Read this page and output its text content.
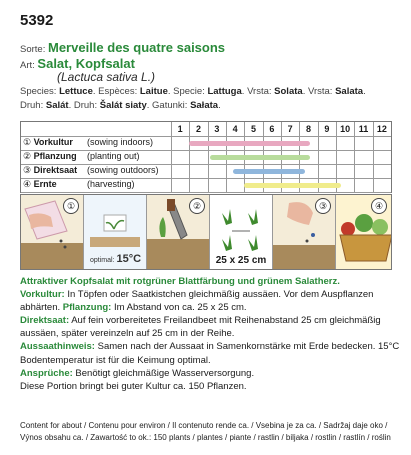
5392
Sorte: Merveille des quatre saisons
Art: Salat, Kopfsalat
(Lactuca sativa L.)
Species: Lettuce. Espèces: Laitue. Specie: Lattuga. Vrsta: Solata. Vrsta: Salata.
Druh: Salát. Druh: Šalát siaty. Gatunki: Sałata.
1	2	3	4	5	6	7	8	9	10 11 12
① Vorkultur (sowing indoors)
② Pflanzung (planting out)
③ Direktsaat (sowing outdoors)
④ Ernte	(harvesting)
①
optimal: 15°C
②
25 x 25 cm
③	④

Attraktiver Kopfsalat mit rotgrüner Blattfärbung und grünem Salatherz.

Vorkultur: In Töpfen oder Saatkistchen gleichmäßig aussäen. Vor dem Auspflanzen abhärten. Pflanzung: Im Abstand von ca. 25 x 25 cm.

Direktsaat: Auf fein vorbereitetes Freilandbeet mit Reihenabstand 25 cm gleichmäßig aussäen, später vereinzeln auf 25 cm in der Reihe.

Aussaathinweis: Samen nach der Aussaat in Samenkornstärke mit Erde bedecken. 15°C Bodentemperatur ist für die Keimung optimal.

Ansprüche: Benötigt gleichmäßige Wasserversorgung.

Diese Portion bringt bei guter Kultur ca. 150 Pflanzen.

Content for about / Contenu pour environ / Il contenuto rende ca. / Vsebina je za ca. / Sadržaj daje oko /
Výnos obsahu ca. / Zawartość to ok.: 150 plants / plantes / piante / rastlin / biljaka / rostlin / rastlín / roślin
